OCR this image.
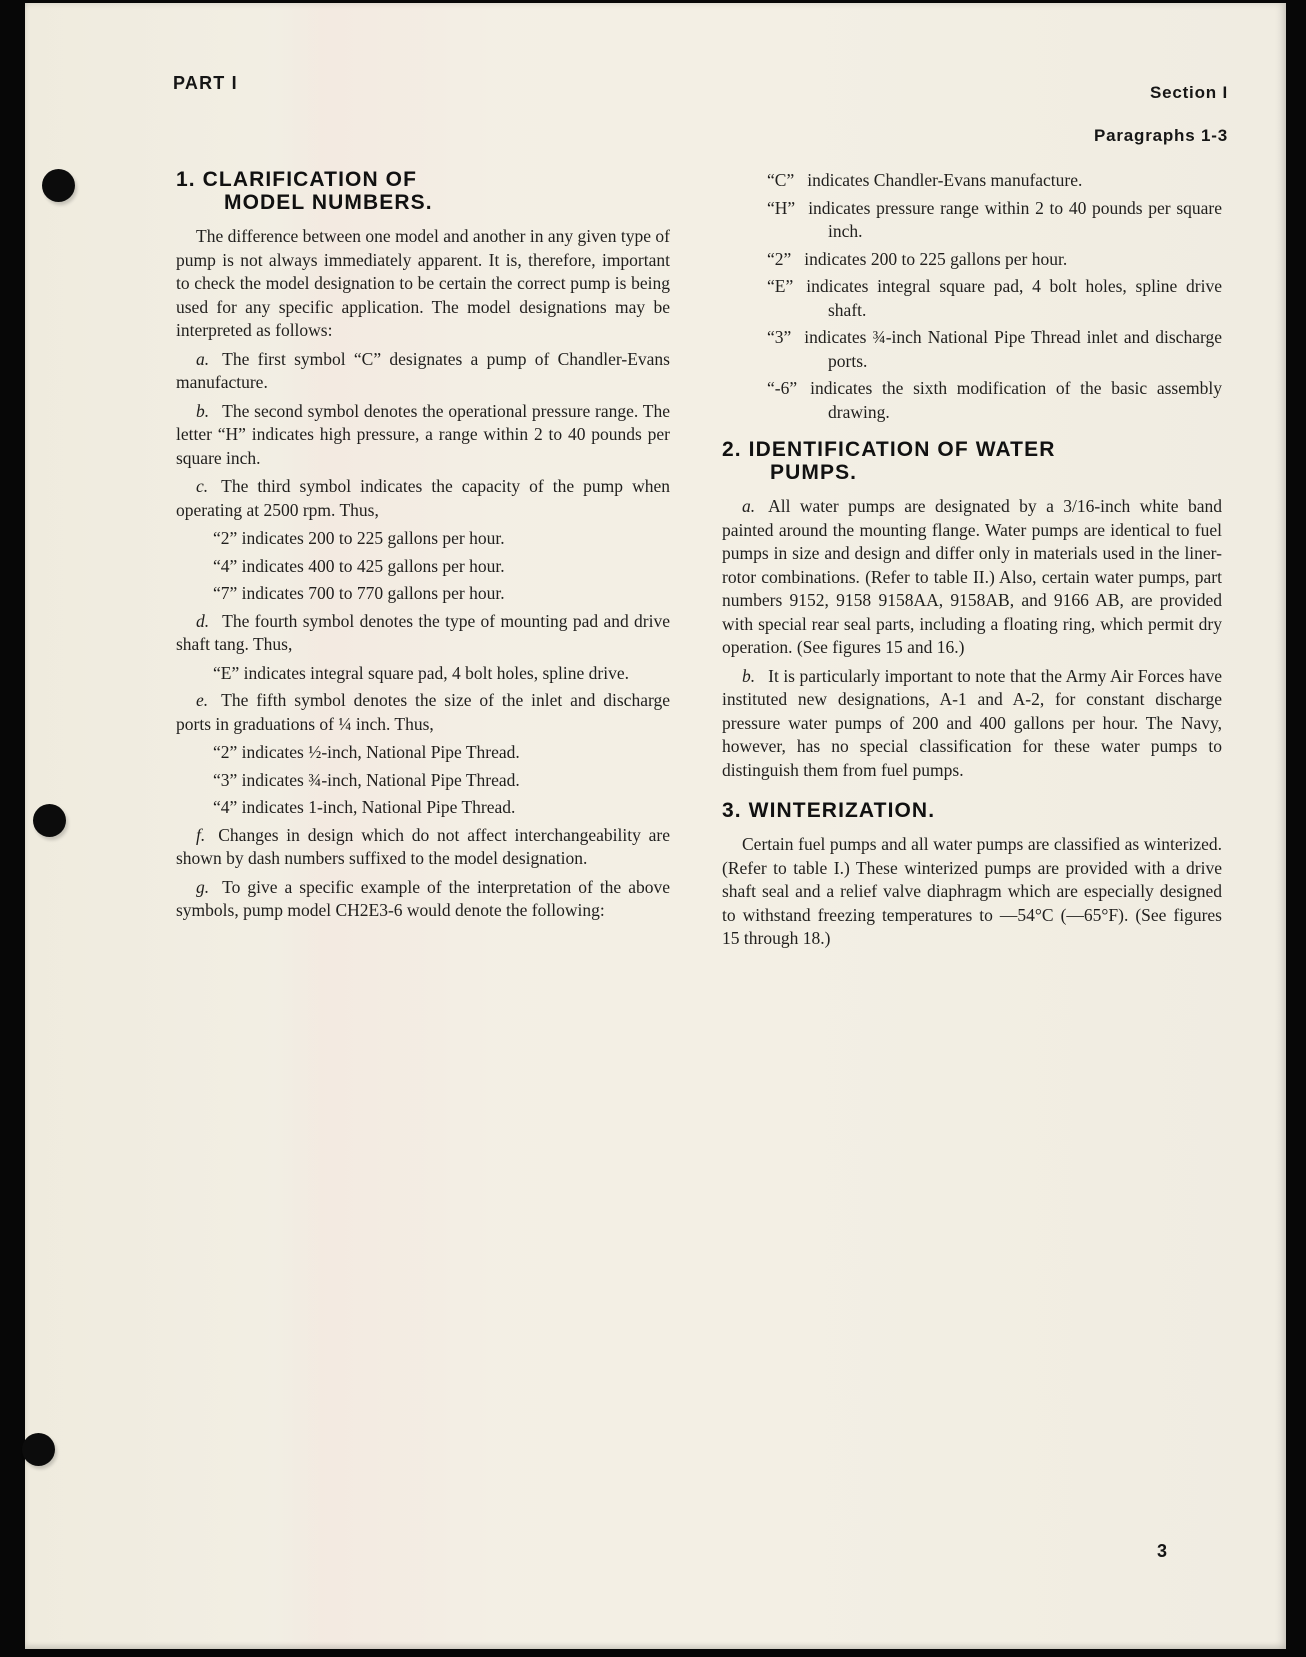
PART I	Section I
Paragraphs 1-3
1. CLARIFICATION OF
MODEL NUMBERS.

The difference between one model and another in any given type of pump is not always immediately apparent. It is, therefore, important to check the model designation to be certain the correct pump is being used for any specific application. The model designations may be interpreted as follows:

a. The first symbol “C” designates a pump of Chandler-Evans manufacture.

b. The second symbol denotes the operational pressure range. The letter “H” indicates high pressure, a range within 2 to 40 pounds per square inch.

c. The third symbol indicates the capacity of the pump when operating at 2500 rpm. Thus,

“2” indicates 200 to 225 gallons per hour.

“4” indicates 400 to 425 gallons per hour.

“7” indicates 700 to 770 gallons per hour.

d. The fourth symbol denotes the type of mounting pad and drive shaft tang. Thus,

“E” indicates integral square pad, 4 bolt holes, spline drive.

e. The fifth symbol denotes the size of the inlet and discharge ports in graduations of ¼ inch. Thus,

“2” indicates ½-inch, National Pipe Thread.

“3” indicates ¾-inch, National Pipe Thread.

“4” indicates 1-inch, National Pipe Thread.

f. Changes in design which do not affect interchangeability are shown by dash numbers suffixed to the model designation.

g. To give a specific example of the interpretation of the above symbols, pump model CH2E3-6 would denote the following:

“C” indicates Chandler-Evans manufacture.

“H” indicates pressure range within 2 to 40 pounds per square inch.

“2” indicates 200 to 225 gallons per hour.

“E” indicates integral square pad, 4 bolt holes, spline drive shaft.

“3” indicates ¾-inch National Pipe Thread inlet and discharge ports.

“-6” indicates the sixth modification of the basic assembly drawing.

2. IDENTIFICATION OF WATER
PUMPS.

a. All water pumps are designated by a 3/16-inch white band painted around the mounting flange. Water pumps are identical to fuel pumps in size and design and differ only in materials used in the liner-rotor combinations. (Refer to table II.) Also, certain water pumps, part numbers 9152, 9158 9158AA, 9158AB, and 9166 AB, are provided with special rear seal parts, including a floating ring, which permit dry operation. (See figures 15 and 16.)

b. It is particularly important to note that the Army Air Forces have instituted new designations, A-1 and A-2, for constant discharge pressure water pumps of 200 and 400 gallons per hour. The Navy, however, has no special classification for these water pumps to distinguish them from fuel pumps.

3. WINTERIZATION.

Certain fuel pumps and all water pumps are classified as winterized. (Refer to table I.) These winterized pumps are provided with a drive shaft seal and a relief valve diaphragm which are especially designed to withstand freezing temperatures to —54°C (—65°F). (See figures 15 through 18.)

3
